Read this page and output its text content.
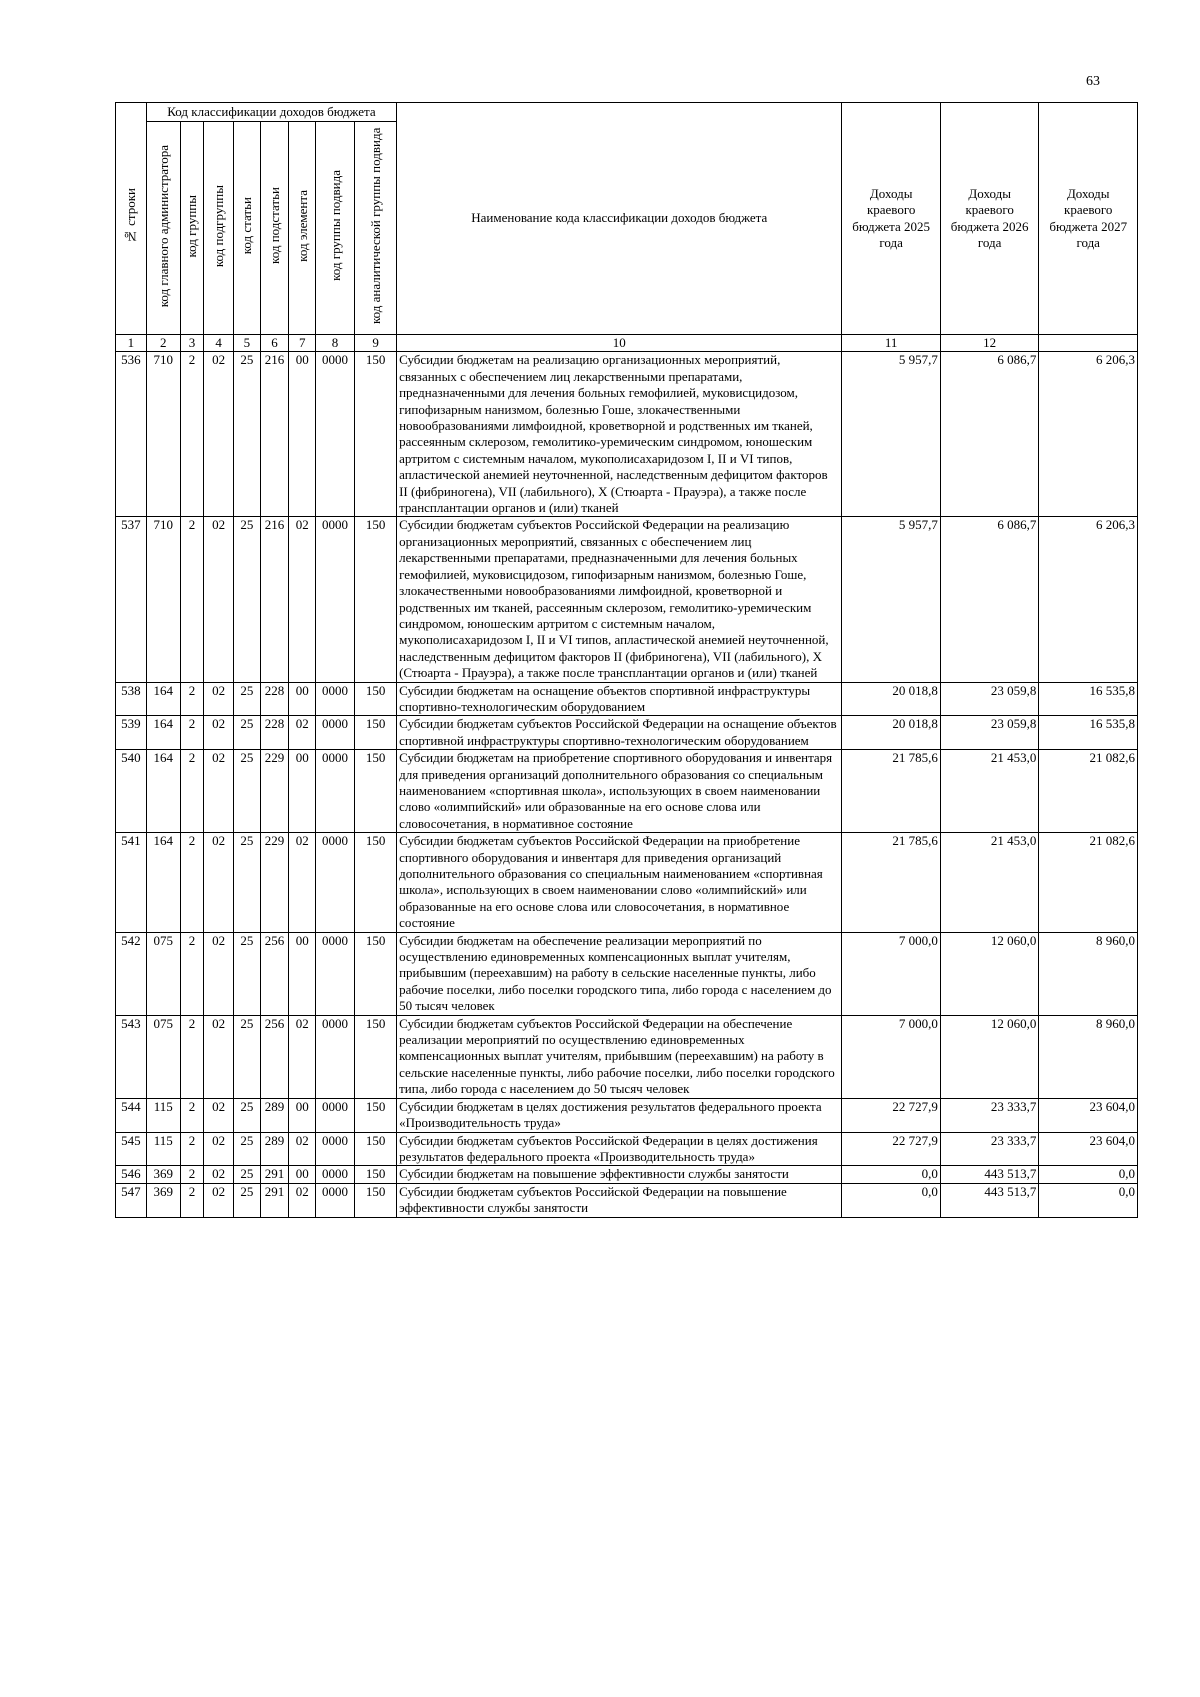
63
№ строки	Код классификации доходов бюджета								Наименование кода классификации доходов бюджета	Доходы краевого бюджета 2025 года	Доходы краевого бюджета 2026 года	Доходы краевого бюджета 2027 года
	код главного администратора	код группы	код подгруппы	код статьи	код подстатьи	код элемента	код группы подвида	код аналитической группы подвида				
1	2	3	4	5	6	7	8	9	10	11	12	
536	710	2	02	25	216	00	0000	150	Субсидии бюджетам на реализацию организационных мероприятий, связанных с обеспечением лиц лекарственными препаратами, предназначенными для лечения больных гемофилией, муковисцидозом, гипофизарным нанизмом, болезнью Гоше, злокачественными новообразованиями лимфоидной, кроветворной и родственных им тканей, рассеянным склерозом, гемолитико-уремическим синдромом, юношеским артритом с системным началом, мукополисахаридозом I, II и VI типов, апластической анемией неуточненной, наследственным дефицитом факторов II (фибриногена), VII (лабильного), X (Стюарта - Прауэра), а также после трансплантации органов и (или) тканей	5 957,7	6 086,7	6 206,3
537	710	2	02	25	216	02	0000	150	Субсидии бюджетам субъектов Российской Федерации на реализацию организационных мероприятий, связанных с обеспечением лиц лекарственными препаратами, предназначенными для лечения больных гемофилией, муковисцидозом, гипофизарным нанизмом, болезнью Гоше, злокачественными новообразованиями лимфоидной, кроветворной и родственных им тканей, рассеянным склерозом, гемолитико-уремическим синдромом, юношеским артритом с системным началом, мукополисахаридозом I, II и VI типов, апластической анемией неуточненной, наследственным дефицитом факторов II (фибриногена), VII (лабильного), X (Стюарта - Прауэра), а также после трансплантации органов и (или) тканей	5 957,7	6 086,7	6 206,3
538	164	2	02	25	228	00	0000	150	Субсидии бюджетам на оснащение объектов спортивной инфраструктуры спортивно-технологическим оборудованием	20 018,8	23 059,8	16 535,8
539	164	2	02	25	228	02	0000	150	Субсидии бюджетам субъектов Российской Федерации на оснащение объектов спортивной инфраструктуры спортивно-технологическим оборудованием	20 018,8	23 059,8	16 535,8
540	164	2	02	25	229	00	0000	150	Субсидии бюджетам на приобретение спортивного оборудования и инвентаря для приведения организаций дополнительного образования со специальным наименованием «спортивная школа», использующих в своем наименовании слово «олимпийский» или образованные на его основе слова или словосочетания, в нормативное состояние	21 785,6	21 453,0	21 082,6
541	164	2	02	25	229	02	0000	150	Субсидии бюджетам субъектов Российской Федерации на приобретение спортивного оборудования и инвентаря для приведения организаций дополнительного образования со специальным наименованием «спортивная школа», использующих в своем наименовании слово «олимпийский» или образованные на его основе слова или словосочетания, в нормативное состояние	21 785,6	21 453,0	21 082,6
542	075	2	02	25	256	00	0000	150	Субсидии бюджетам на обеспечение реализации мероприятий по осуществлению единовременных компенсационных выплат учителям, прибывшим (переехавшим) на работу в сельские населенные пункты, либо рабочие поселки, либо поселки городского типа, либо города с населением до 50 тысяч человек	7 000,0	12 060,0	8 960,0
543	075	2	02	25	256	02	0000	150	Субсидии бюджетам субъектов Российской Федерации на обеспечение реализации мероприятий по осуществлению единовременных компенсационных выплат учителям, прибывшим (переехавшим) на работу в сельские населенные пункты, либо рабочие поселки, либо поселки городского типа, либо города с населением до 50 тысяч человек	7 000,0	12 060,0	8 960,0
544	115	2	02	25	289	00	0000	150	Субсидии бюджетам в целях достижения результатов федерального проекта «Производительность труда»	22 727,9	23 333,7	23 604,0
545	115	2	02	25	289	02	0000	150	Субсидии бюджетам субъектов Российской Федерации в целях достижения результатов федерального проекта «Производительность труда»	22 727,9	23 333,7	23 604,0
546	369	2	02	25	291	00	0000	150	Субсидии бюджетам на повышение эффективности службы занятости	0,0	443 513,7	0,0
547	369	2	02	25	291	02	0000	150	Субсидии бюджетам субъектов Российской Федерации на повышение эффективности службы занятости	0,0	443 513,7	0,0
